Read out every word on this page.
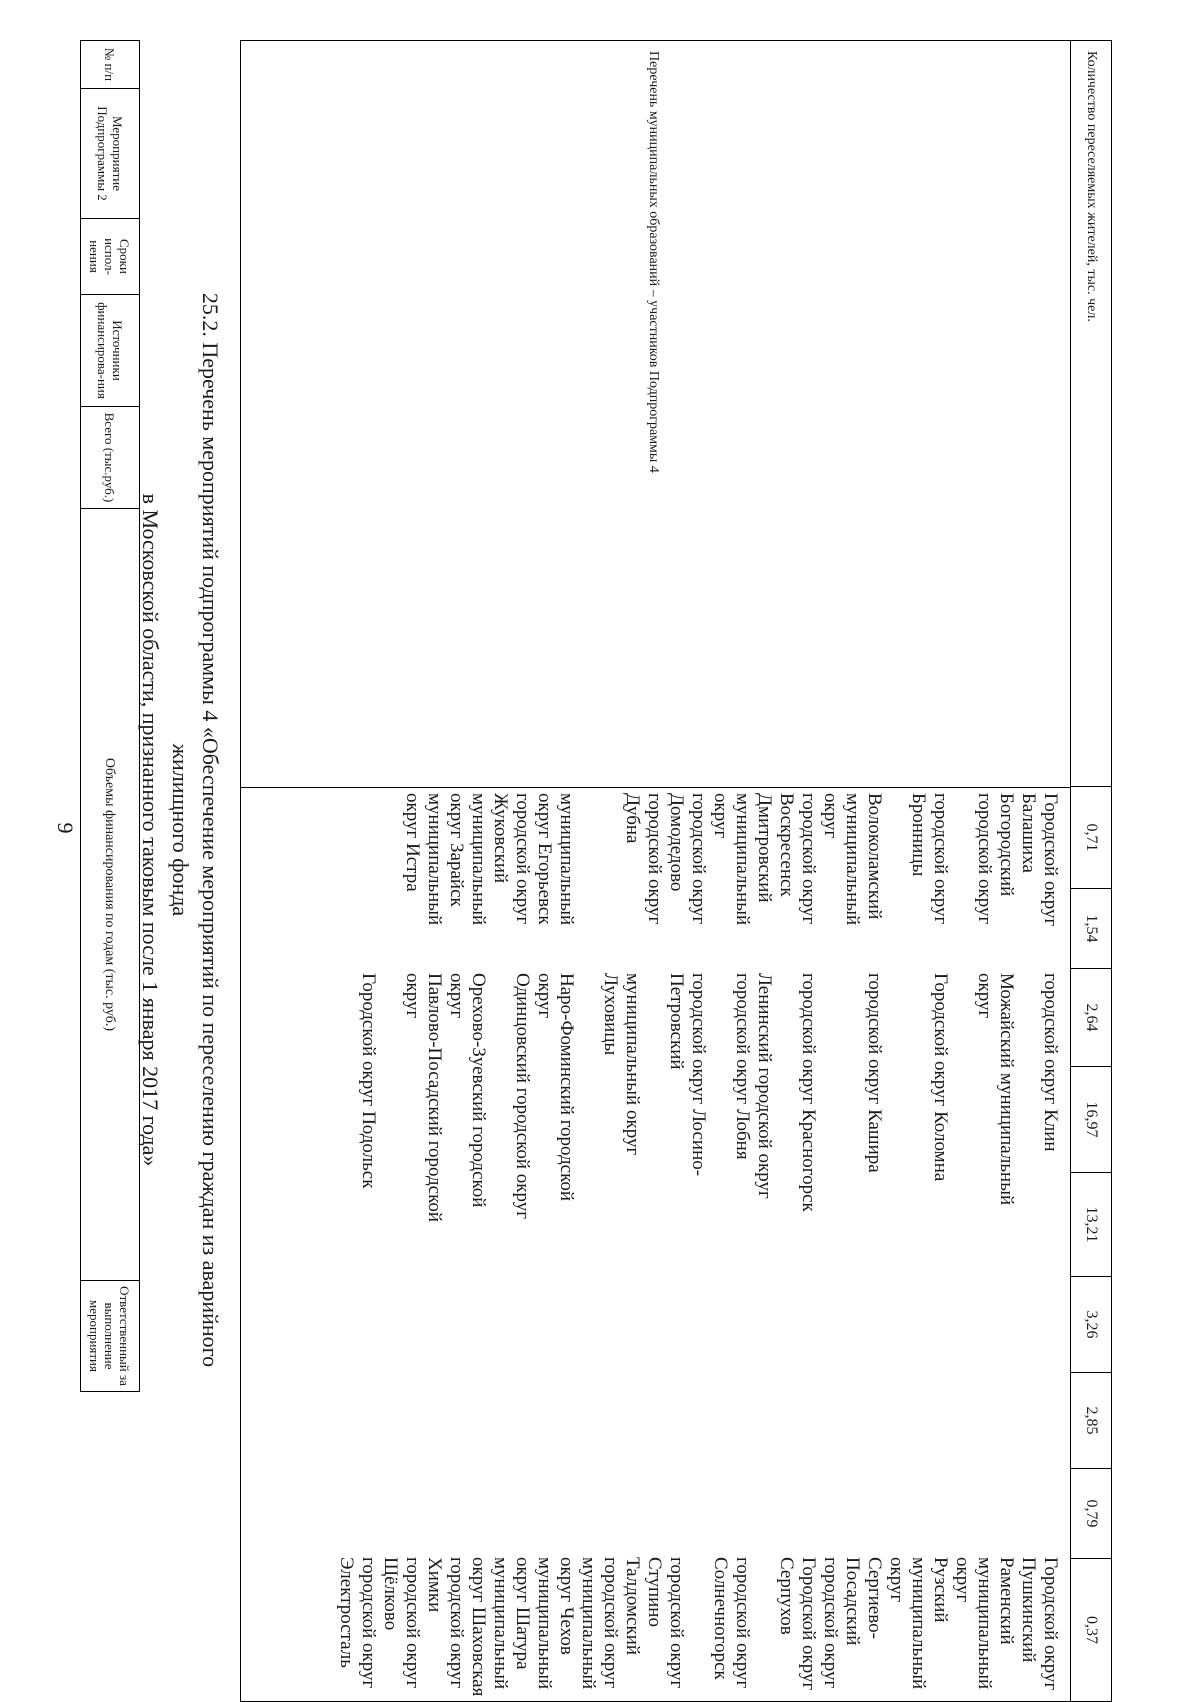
9
Количество переселяемых жителей, тыс. чел.
0,71
1,54
2,64
16,97
13,21
3,26
2,85
0,79
0,37
Перечень муниципальных образований – участников Подпрограммы 4
Городской округ
Балашиха
Богородский
городской округ

городской округ
Бронницы

Волоколамский
муниципальный
округ
городской округ
Воскресенск
Дмитровский
муниципальный
округ
городской округ
Домодедово
городской округ
Дубна

муниципальный
округ Егорьевск
городской округ
Жуковский
муниципальный
округ Зарайск
муниципальный
округ Истра
городской округ Клин

Можайский муниципальный
округ

Городской округ Коломна

городской округ Кашира

городской округ Красногорск

Ленинский городской округ
городской округ Лобня

городской округ Лосино-
Петровский

муниципальный округ
Луховицы

Наро-Фоминский городской
округ
Одинцовский городской округ

Орехово-Зуевский городской
округ
Павлово-Посадский городской
округ

Городской округ Подольск
Городской округ
Пушкинский
Раменский
муниципальный
округ
Рузский
муниципальный
округ
Сергиево-
Посадский
городской округ
Городской округ
Серпухов

городской округ
Солнечногорск

городской округ
Ступино
Талдомский
городской округ
муниципальный
округ Чехов
муниципальный
округ Шатура
муниципальный
округ Шаховская
городской округ
Химки
городской округ
Щёлково
городской округ
Электросталь
25.2. Перечень мероприятий подпрограммы 4 «Обеспечение мероприятий по переселению граждан из аварийного жилищного фонда
в Московской области, признанного таковым после 1 января 2017 года»
№ п/п
Мероприятие Подпрограммы 2
Сроки испол-нения
Источники финансирова-ния
Всего (тыс.руб.)
Объемы финансирования по годам (тыс. руб.)
Ответственный за выполнение мероприятия
